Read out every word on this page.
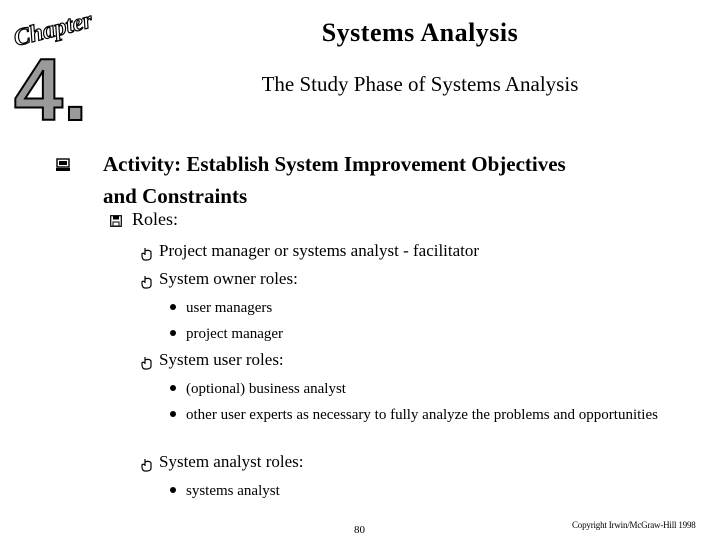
Chapter
4.
Systems Analysis
The Study Phase of Systems Analysis
Activity: Establish System Improvement Objectives
and Constraints
Roles:
Project manager or systems analyst - facilitator
System owner roles:
user managers
project manager
System user roles:
(optional) business analyst
other user experts as necessary to fully analyze the problems and opportunities
System analyst roles:
systems analyst
80	Copyright Irwin/McGraw-Hill 1998
